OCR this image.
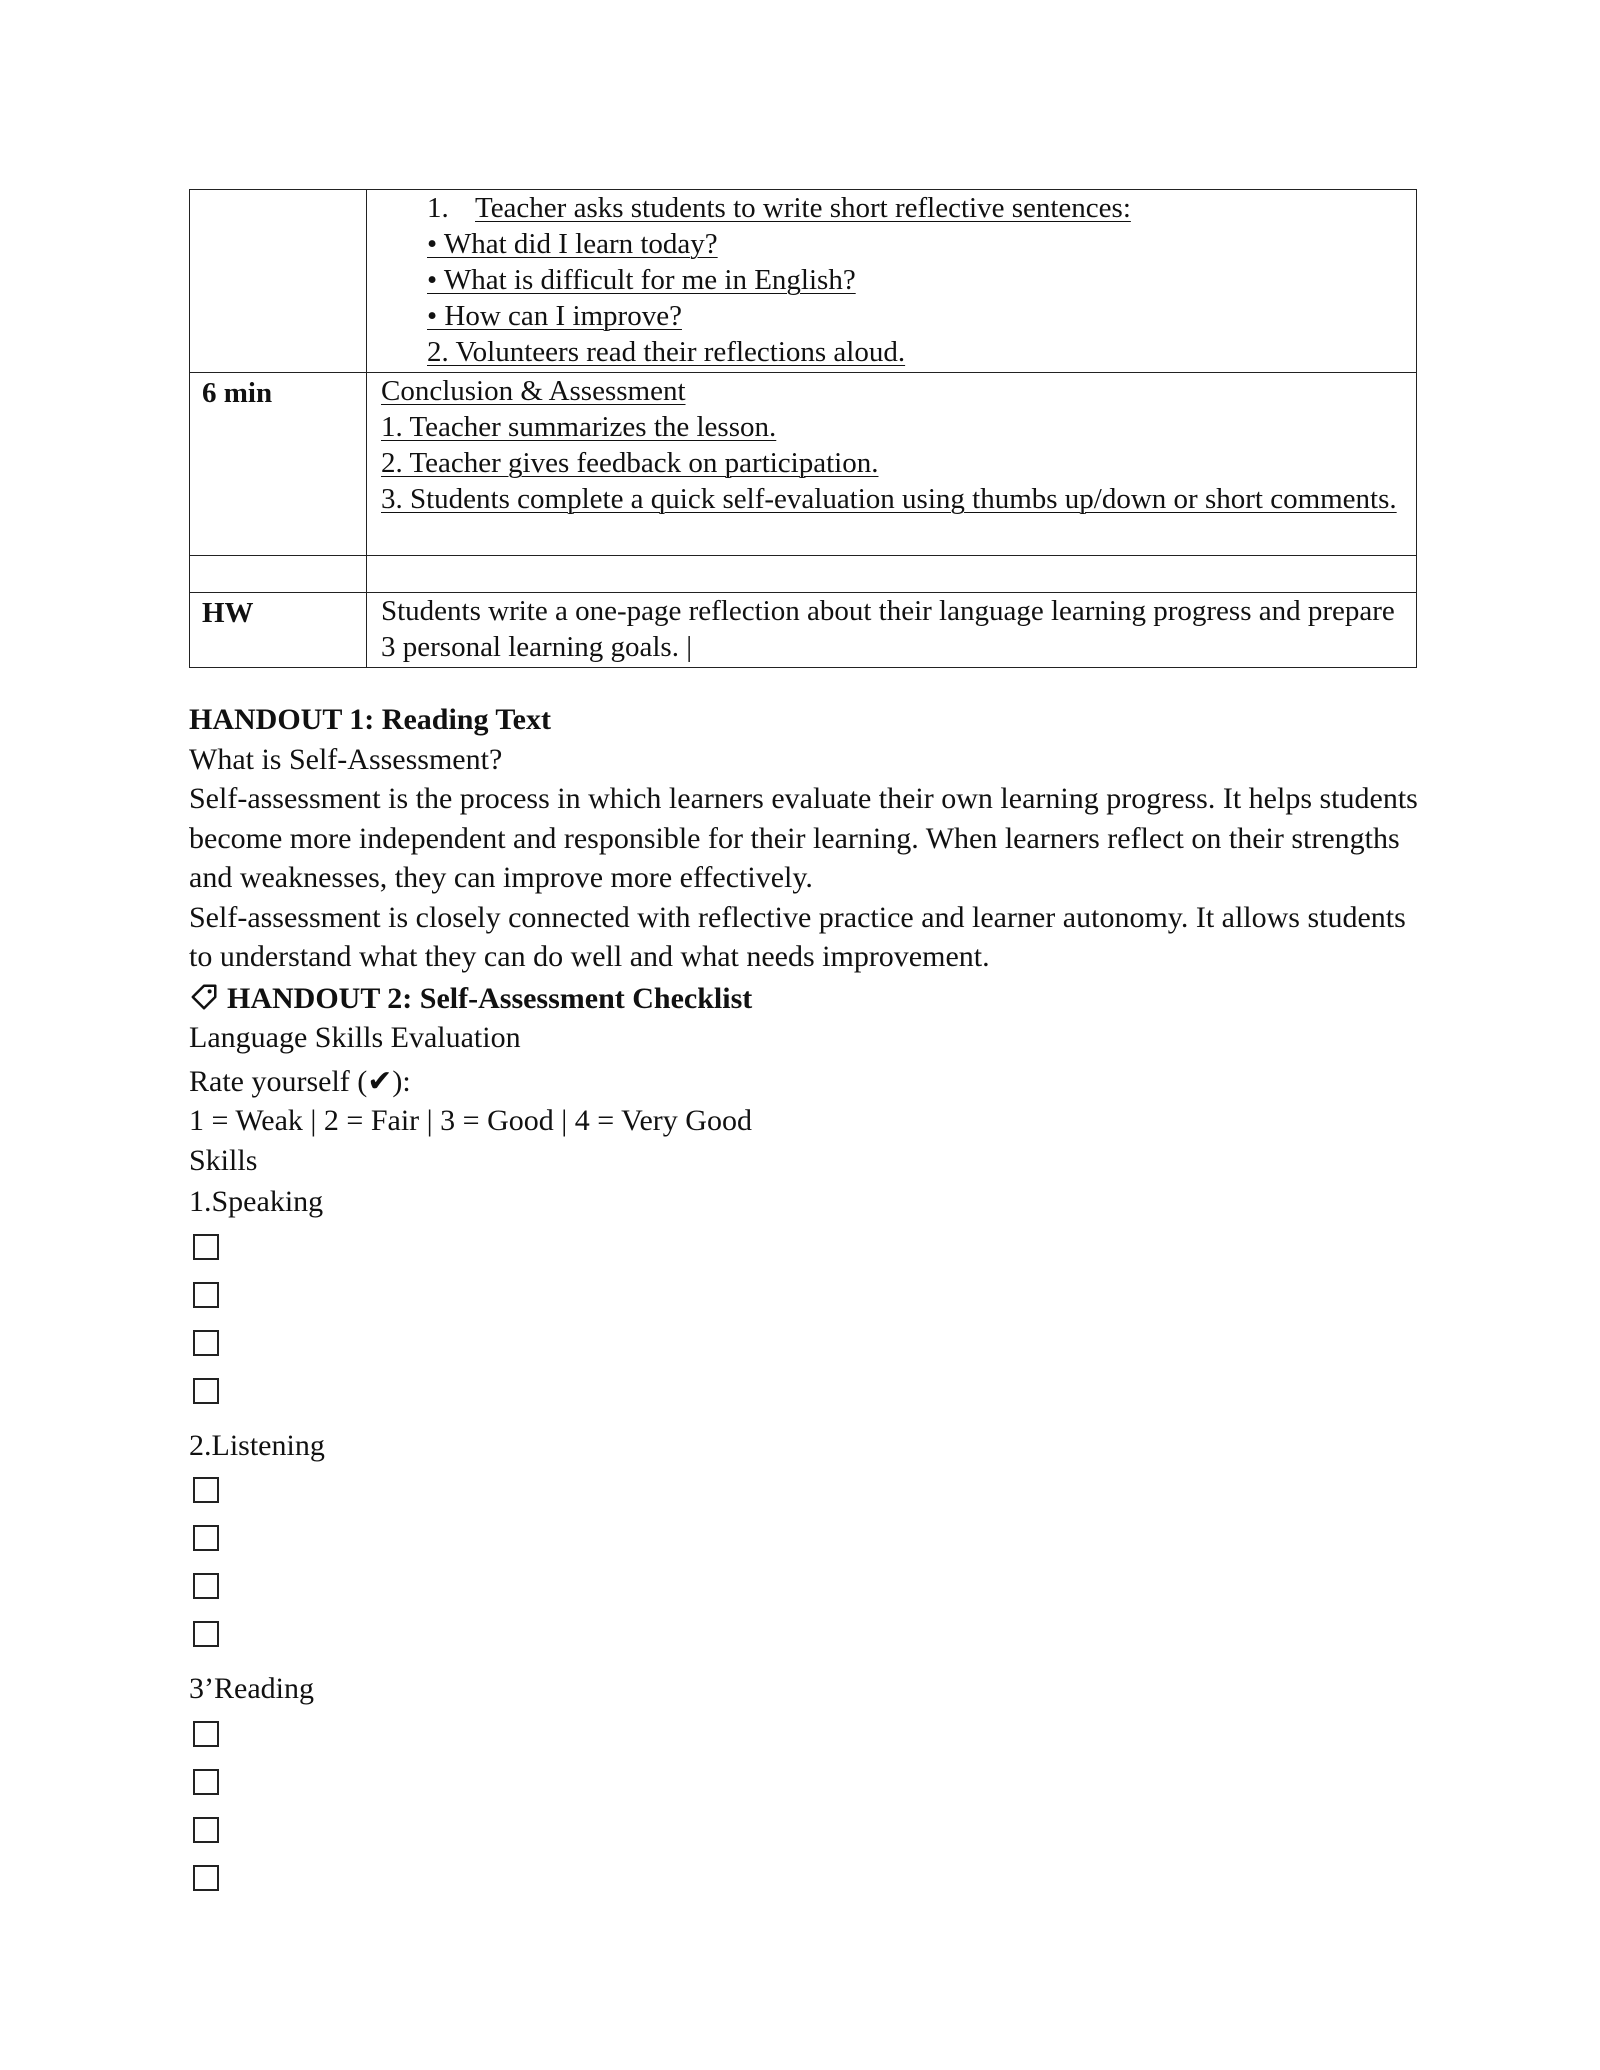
	1. Teacher asks students to write short reflective sentences:
• What did I learn today?
• What is difficult for me in English?
• How can I improve?
2. Volunteers read their reflections aloud.

6 min	Conclusion & Assessment
1. Teacher summarizes the lesson.
2. Teacher gives feedback on participation.
3. Students complete a quick self-evaluation using thumbs up/down or short comments.

HW	Students write a one-page reflection about their language learning progress and prepare 3 personal learning goals. |

HANDOUT 1: Reading Text

What is Self-Assessment?

Self-assessment is the process in which learners evaluate their own learning progress. It helps students become more independent and responsible for their learning. When learners reflect on their strengths and weaknesses, they can improve more effectively.

Self-assessment is closely connected with reflective practice and learner autonomy. It allows students to understand what they can do well and what needs improvement.

HANDOUT 2: Self-Assessment Checklist

Language Skills Evaluation

Rate yourself (✔):

1 = Weak | 2 = Fair | 3 = Good | 4 = Very Good

Skills

1.Speaking

2.Listening

3’Reading
